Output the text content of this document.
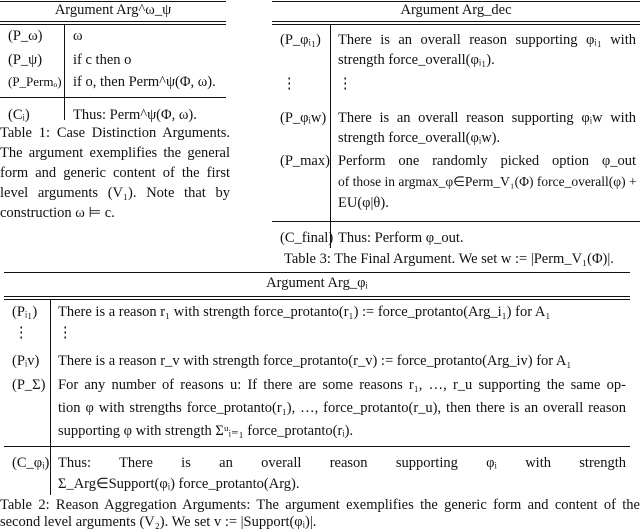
Argument Arg^ω_ψ
(P_ω) ω
(P_ψ) if c then o
(P_Permₒ) if o, then Perm^ψ(Φ, ω).
(Cᵢ)	Thus: Perm^ψ(Φ, ω).
Table 1: Case Distinction Arguments.
The argument exemplifies the general
form and generic content of the first
level arguments (V₁). Note that by
construction ω ⊨ c.
Argument Arg_dec
(P_φᵢ₁) There is an overall reason supporting φᵢ₁ with
strength force_overall(φᵢ₁).
⋮	⋮
(P_φᵢw) There is an overall reason supporting φᵢw with
strength force_overall(φᵢw).
(P_max) Perform one randomly picked option φ_out
of those in argmax_φ∈Perm_V₁(Φ) force_overall(φ) +
EU(φ|θ).
(C_final) Thus: Perform φ_out.
Table 3: The Final Argument. We set w := |Perm_V₁(Φ)|.
Argument Arg_φᵢ
(Pᵢ₁) There is a reason r₁ with strength force_protanto(r₁) := force_protanto(Arg_i₁) for A₁
⋮ ⋮
(Pᵢv) There is a reason r_v with strength force_protanto(r_v) := force_protanto(Arg_iv) for A₁
(P_Σ) For any number of reasons u: If there are some reasons r₁, …, r_u supporting the same op-
tion φ with strengths force_protanto(r₁), …, force_protanto(r_u), then there is an overall reason
supporting φ with strength Σᵘᵢ₌₁ force_protanto(rᵢ).
(C_φᵢ) Thus: There is an overall reason supporting φᵢ with strength
Σ_Arg∈Support(φᵢ) force_protanto(Arg).
Table 2: Reason Aggregation Arguments: The argument exemplifies the generic form and content of the
second level arguments (V₂). We set v := |Support(φᵢ)|.
